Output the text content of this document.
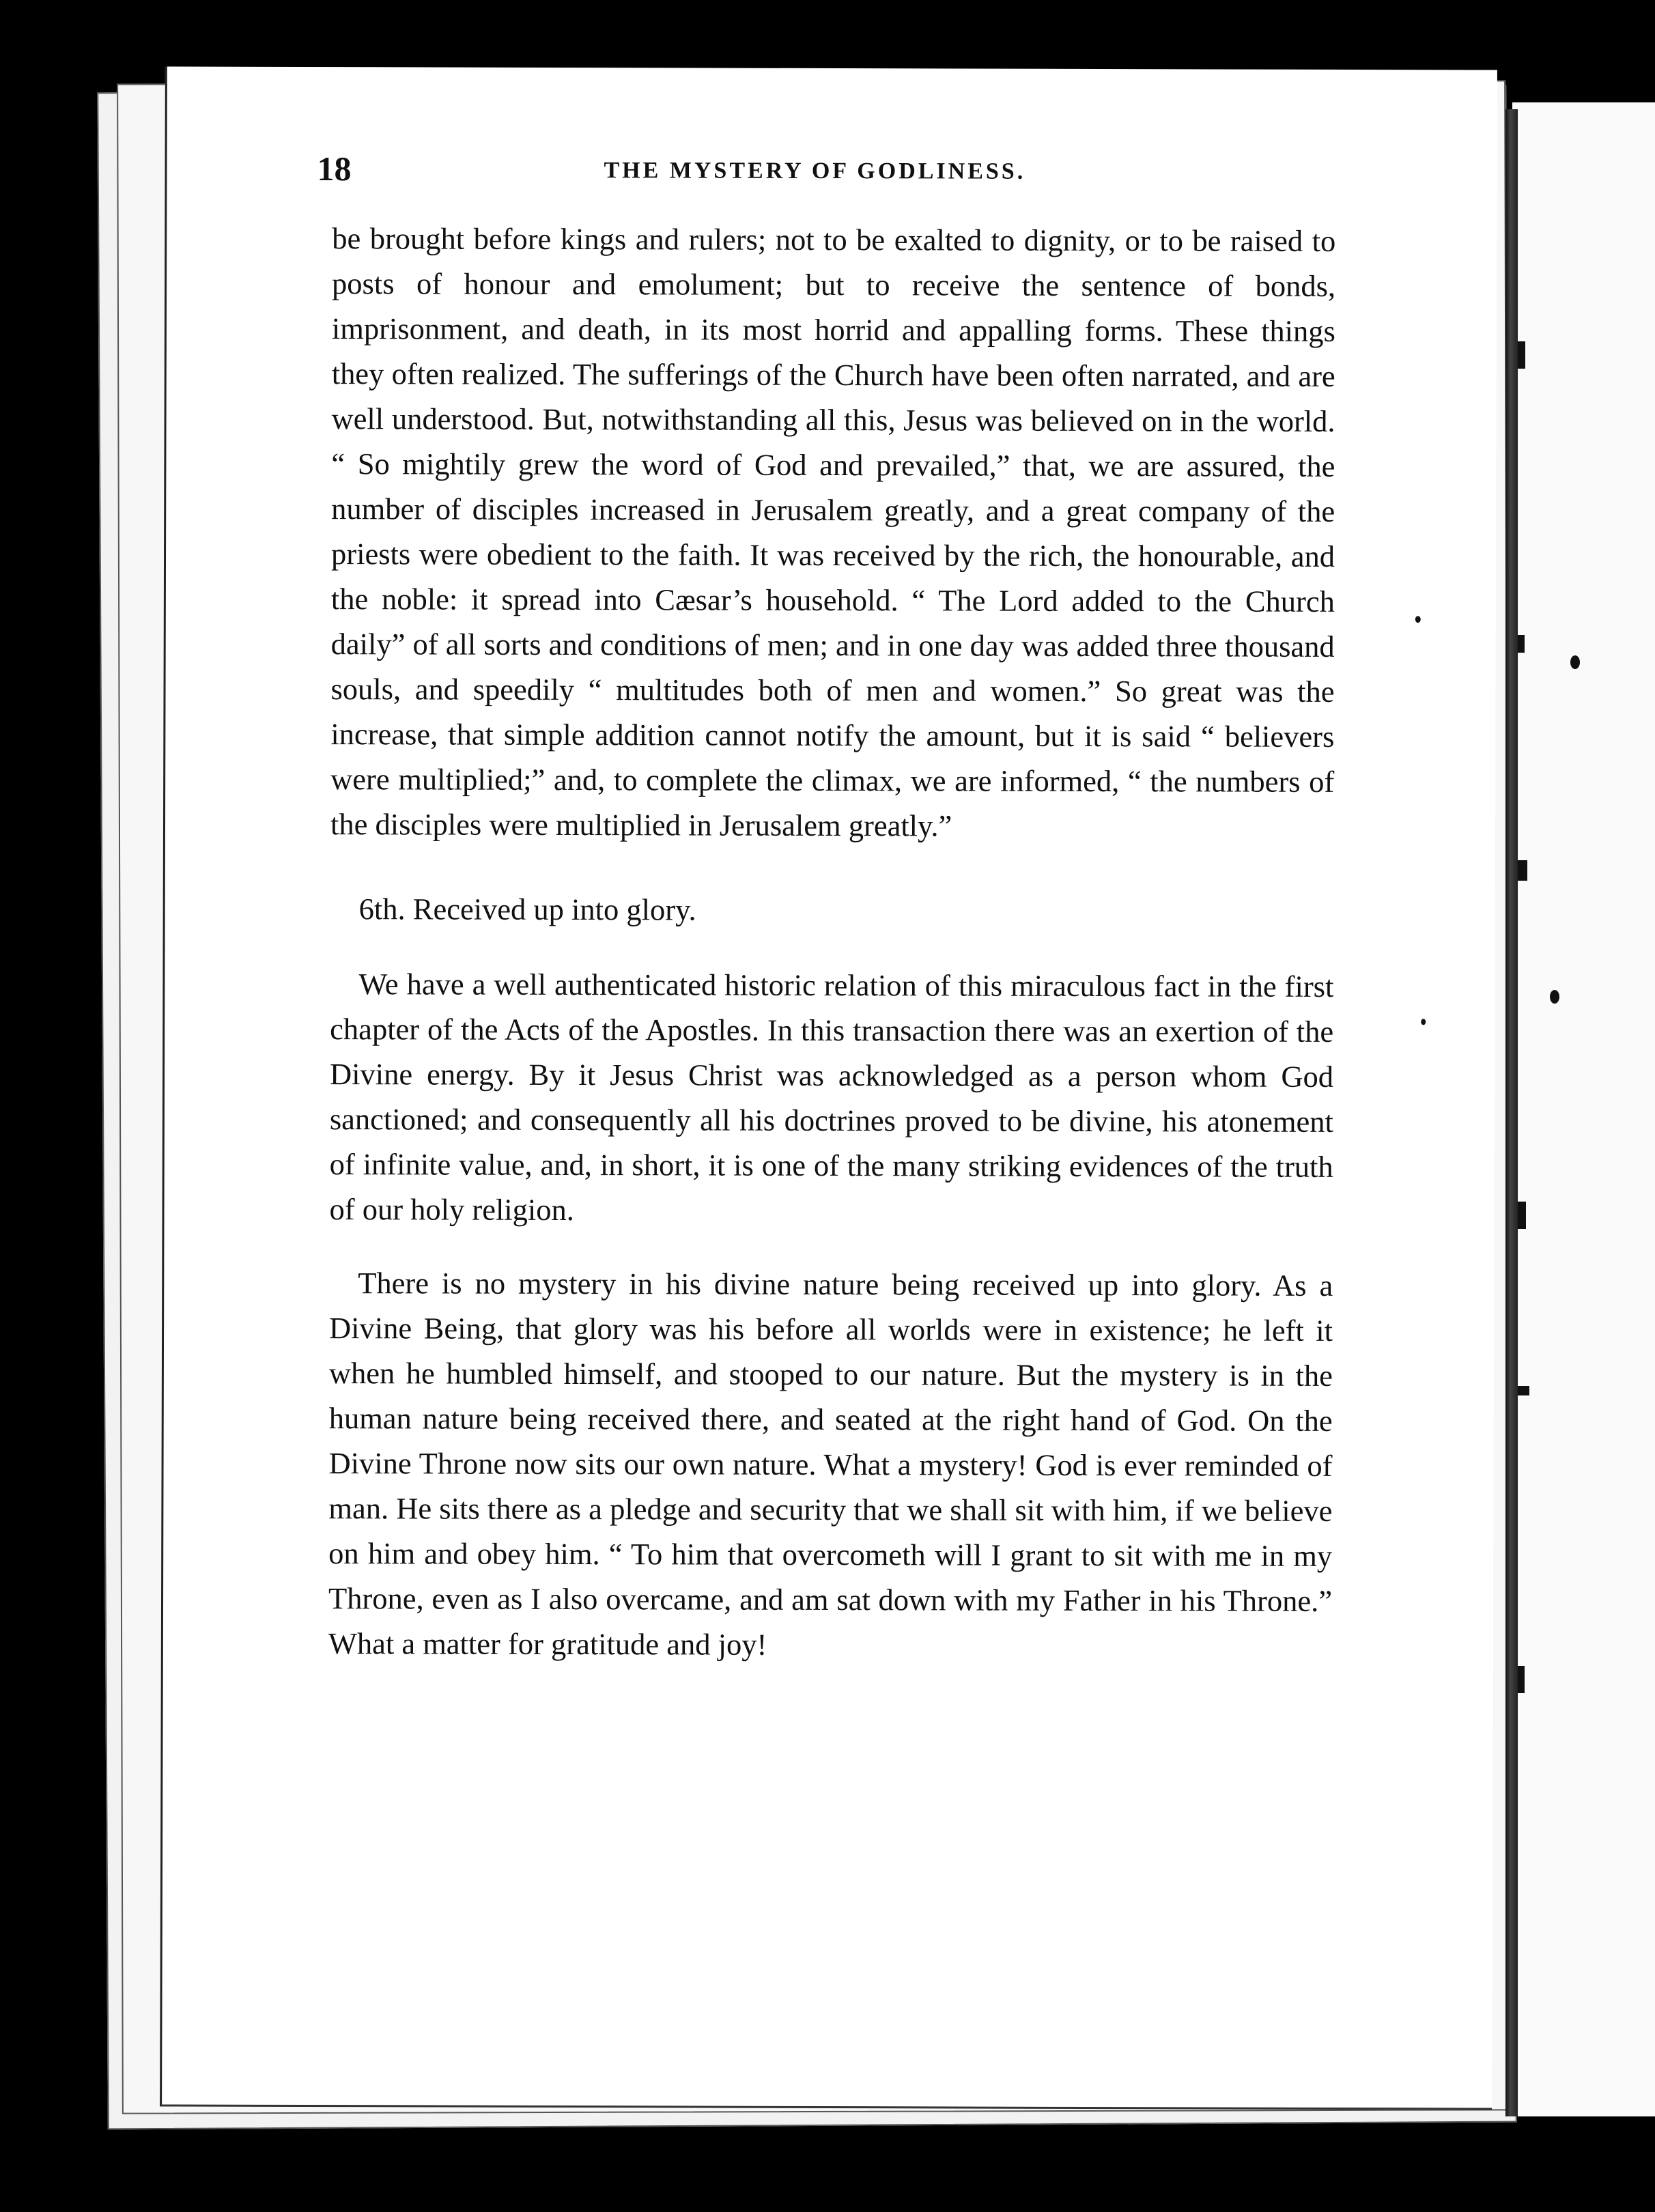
18	THE MYSTERY OF GODLINESS.

be brought before kings and rulers; not to be exalted to dignity, or to be raised to posts of honour and emolument; but to receive the sentence of bonds, imprisonment, and death, in its most horrid and appalling forms. These things they often realized. The sufferings of the Church have been often narrated, and are well understood. But, notwithstanding all this, Jesus was believed on in the world. “ So mightily grew the word of God and prevailed,” that, we are assured, the number of disciples increased in Jerusalem greatly, and a great company of the priests were obedient to the faith. It was received by the rich, the honourable, and the noble: it spread into Cæsar’s household. “ The Lord added to the Church daily” of all sorts and conditions of men; and in one day was added three thousand souls, and speedily “ multitudes both of men and women.” So great was the increase, that simple addition cannot notify the amount, but it is said “ believers were multiplied;” and, to complete the climax, we are informed, “ the numbers of the disciples were multiplied in Jerusalem greatly.”

6th. Received up into glory.

We have a well authenticated historic relation of this miraculous fact in the first chapter of the Acts of the Apostles. In this transaction there was an exertion of the Divine energy. By it Jesus Christ was acknowledged as a person whom God sanctioned; and consequently all his doctrines proved to be divine, his atonement of infinite value, and, in short, it is one of the many striking evidences of the truth of our holy religion.

There is no mystery in his divine nature being received up into glory. As a Divine Being, that glory was his before all worlds were in existence; he left it when he humbled himself, and stooped to our nature. But the mystery is in the human nature being received there, and seated at the right hand of God. On the Divine Throne now sits our own nature. What a mystery! God is ever reminded of man. He sits there as a pledge and security that we shall sit with him, if we believe on him and obey him. “ To him that overcometh will I grant to sit with me in my Throne, even as I also overcame, and am sat down with my Father in his Throne.” What a matter for gratitude and joy!
